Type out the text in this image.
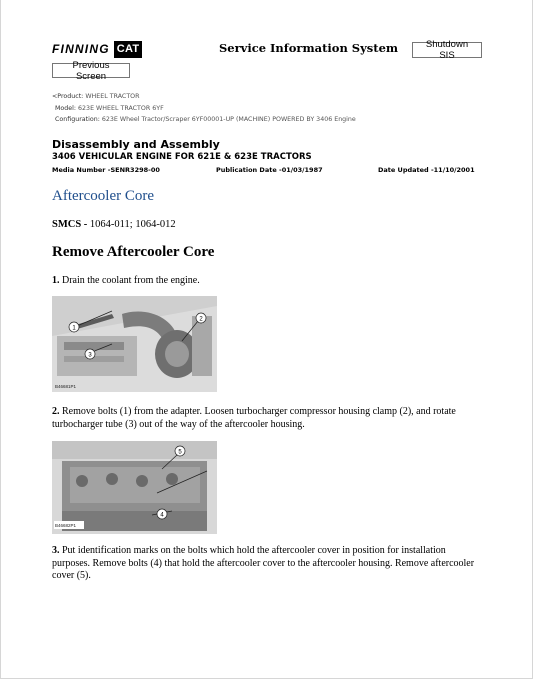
FINNING CAT	Service Information System	Shutdown SIS
Previous Screen
<Product: WHEEL TRACTOR
Model: 623E WHEEL TRACTOR 6YF
Configuration: 623E Wheel Tractor/Scraper 6YF00001-UP (MACHINE) POWERED BY 3406 Engine
Disassembly and Assembly
3406 VEHICULAR ENGINE FOR 621E & 623E TRACTORS
Media Number -SENR3298-00	Publication Date -01/03/1987	Date Updated -11/10/2001
Aftercooler Core
SMCS - 1064-011; 1064-012
Remove Aftercooler Core
1. Drain the coolant from the engine.
1
2
3
B46681P1
2. Remove bolts (1) from the adapter. Loosen turbocharger compressor housing clamp (2), and rotate turbocharger tube (3) out of the way of the aftercooler housing.
5
4
B46682P1
3. Put identification marks on the bolts which hold the aftercooler cover in position for installation purposes. Remove bolts (4) that hold the aftercooler cover to the aftercooler housing. Remove aftercooler cover (5).
